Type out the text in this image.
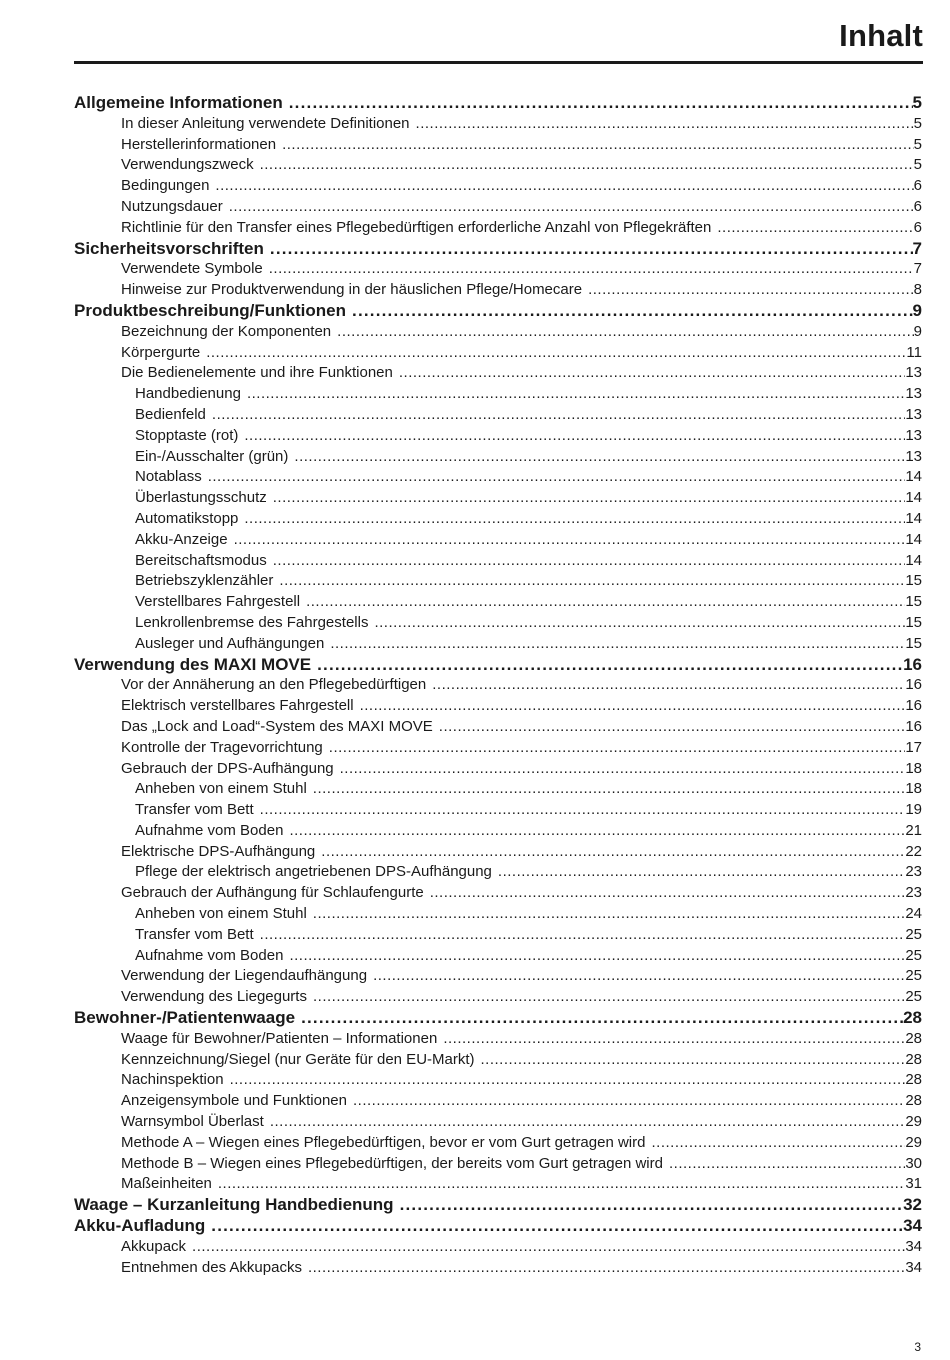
Inhalt
Allgemeine Informationen .....	5
In dieser Anleitung verwendete Definitionen .....	5
Herstellerinformationen .....	5
Verwendungszweck .....	5
Bedingungen .....	6
Nutzungsdauer .....	6
Richtlinie für den Transfer eines Pflegebedürftigen erforderliche Anzahl von Pflegekräften .....	6
Sicherheitsvorschriften .....	7
Verwendete Symbole .....	7
Hinweise zur Produktverwendung in der häuslichen Pflege/Homecare .....	8
Produktbeschreibung/Funktionen .....	9
Bezeichnung der Komponenten .....	9
Körpergurte .....	11
Die Bedienelemente und ihre Funktionen .....	13
Handbedienung .....	13
Bedienfeld .....	13
Stopptaste (rot) .....	13
Ein-/Ausschalter (grün) .....	13
Notablass .....	14
Überlastungsschutz .....	14
Automatikstopp .....	14
Akku-Anzeige .....	14
Bereitschaftsmodus .....	14
Betriebszyklenzähler .....	15
Verstellbares Fahrgestell .....	15
Lenkrollenbremse des Fahrgestells .....	15
Ausleger und Aufhängungen .....	15
Verwendung des MAXI MOVE .....	16
Vor der Annäherung an den Pflegebedürftigen .....	16
Elektrisch verstellbares Fahrgestell .....	16
Das „Lock and Load“-System des MAXI MOVE .....	16
Kontrolle der Tragevorrichtung .....	17
Gebrauch der DPS-Aufhängung .....	18
Anheben von einem Stuhl .....	18
Transfer vom Bett .....	19
Aufnahme vom Boden .....	21
Elektrische DPS-Aufhängung .....	22
Pflege der elektrisch angetriebenen DPS-Aufhängung .....	23
Gebrauch der Aufhängung für Schlaufengurte .....	23
Anheben von einem Stuhl .....	24
Transfer vom Bett .....	25
Aufnahme vom Boden .....	25
Verwendung der Liegendaufhängung .....	25
Verwendung des Liegegurts .....	25
Bewohner-/Patientenwaage .....	28
Waage für Bewohner/Patienten – Informationen .....	28
Kennzeichnung/Siegel (nur Geräte für den EU-Markt) .....	28
Nachinspektion .....	28
Anzeigensymbole und Funktionen .....	28
Warnsymbol Überlast .....	29
Methode A – Wiegen eines Pflegebedürftigen, bevor er vom Gurt getragen wird .....	29
Methode B – Wiegen eines Pflegebedürftigen, der bereits vom Gurt getragen wird .....	30
Maßeinheiten .....	31
Waage – Kurzanleitung Handbedienung .....	32
Akku-Aufladung .....	34
Akkupack .....	34
Entnehmen des Akkupacks .....	34
3
